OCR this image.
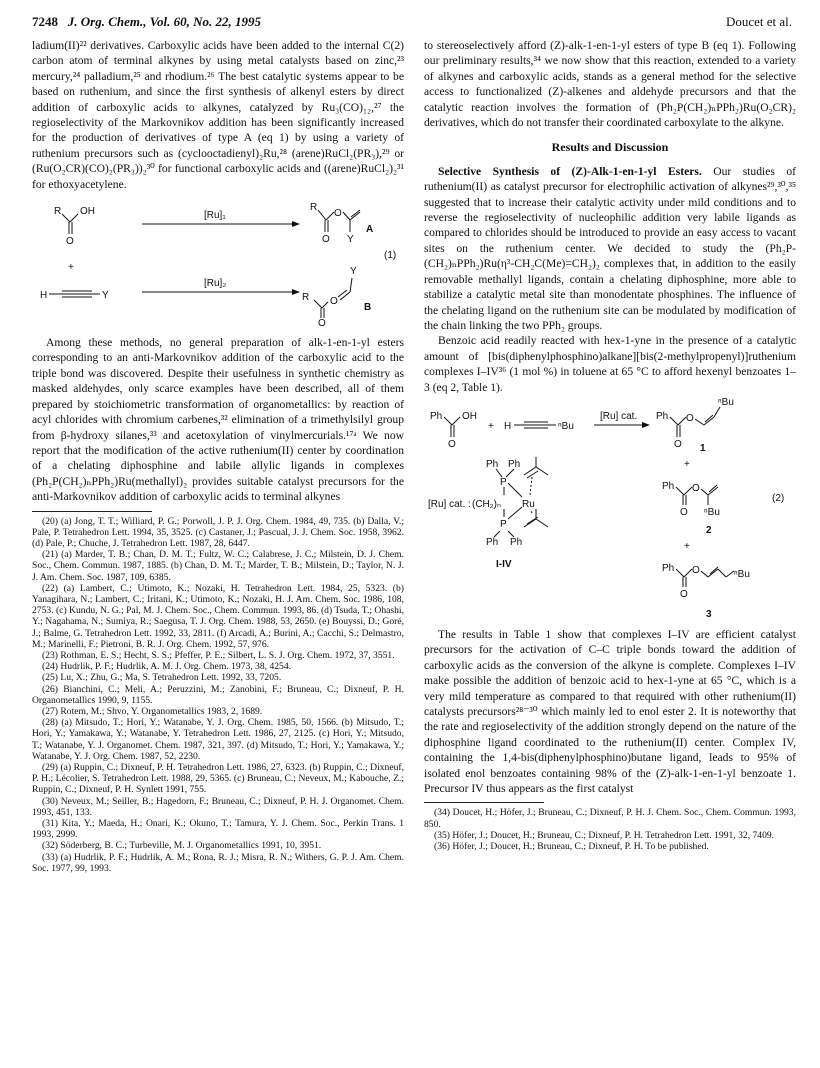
7248 J. Org. Chem., Vol. 60, No. 22, 1995	Doucet et al.

ladium(II)²² derivatives. Carboxylic acids have been added to the internal C(2) carbon atom of terminal alkynes by using metal catalysts based on zinc,²³ mercury,²⁴ palladium,²⁵ and rhodium.²⁶ The best catalytic systems appear to be based on ruthenium, and since the first synthesis of alkenyl esters by direct addition of carboxylic acids to alkynes, catalyzed by Ru₃(CO)₁₂,²⁷ the regioselectivity of the Markovnikov addition has been significantly increased for the production of derivatives of type A (eq 1) by using a variety of ruthenium precursors such as (cyclooctadienyl)₂Ru,²⁸ (arene)RuCl₂(PR₃),²⁹ or (Ru(O₂CR)(CO)₂(PR₃))₂³⁰ for functional carboxylic acids and ((arene)RuCl₂)₂³¹ for ethoxyacetylene.

R OH
O
+
H	Y
[Ru]₁
[Ru]₂
R
O
O Y
A
(1)
Y
O
R
O
B

Among these methods, no general preparation of alk-1-en-1-yl esters corresponding to an anti-Markovnikov addition of the carboxylic acid to the triple bond was discovered. Despite their usefulness in synthetic chemistry as masked aldehydes, only scarce examples have been described, all of them prepared by stoichiometric transformation of organometallics: by reaction of acyl chlorides with chromium carbenes,³² elimination of a trimethylsilyl group from β-hydroxy silanes,³³ and acetoxylation of vinylmercurials.¹⁷ᵃ We now report that the modification of the active ruthenium(II) center by coordination of a chelating diphosphine and labile allylic ligands in complexes (Ph₂P(CH₂)ₙPPh₂)Ru(methallyl)₂ provides suitable catalyst precursors for the anti-Markovnikov addition of carboxylic acids to terminal alkynes

(20) (a) Jong, T. T.; Williard, P. G.; Porwoll, J. P. J. Org. Chem. 1984, 49, 735. (b) Dalla, V.; Pale, P. Tetrahedron Lett. 1994, 35, 3525. (c) Castaner, J.; Pascual, J. J. Chem. Soc. 1958, 3962. (d) Pale, P.; Chuche, J. Tetrahedron Lett. 1987, 28, 6447.

(21) (a) Marder, T. B.; Chan, D. M. T.; Fultz, W. C.; Calabrese, J. C.; Milstein, D. J. Chem. Soc., Chem. Commun. 1987, 1885. (b) Chan, D. M. T.; Marder, T. B.; Milstein, D.; Taylor, N. J. J. Am. Chem. Soc. 1987, 109, 6385.

(22) (a) Lambert, C.; Utimoto, K.; Nozaki, H. Tetrahedron Lett. 1984, 25, 5323. (b) Yanagihara, N.; Lambert, C.; Iritani, K.; Utimoto, K.; Nozaki, H. J. Am. Chem. Soc. 1986, 108, 2753. (c) Kundu, N. G.; Pal, M. J. Chem. Soc., Chem. Commun. 1993, 86. (d) Tsuda, T.; Ohashi, Y.; Nagahama, N.; Sumiya, R.; Saegusa, T. J. Org. Chem. 1988, 53, 2650. (e) Bouyssi, D.; Goré, J.; Balme, G. Tetrahedron Lett. 1992, 33, 2811. (f) Arcadi, A.; Burini, A.; Cacchi, S.; Delmastro, M.; Marinelli, F.; Pietroni, B. R. J. Org. Chem. 1992, 57, 976.

(23) Rothman, E. S.; Hecht, S. S.; Pfeffer, P. E.; Silbert, L. S. J. Org. Chem. 1972, 37, 3551.

(24) Hudrlik, P. F.; Hudrlik, A. M. J. Org. Chem. 1973, 38, 4254.

(25) Lu, X.; Zhu, G.; Ma, S. Tetrahedron Lett. 1992, 33, 7205.

(26) Bianchini, C.; Meli, A.; Peruzzini, M.; Zanobini, F.; Bruneau, C.; Dixneuf, P. H. Organometallics 1990, 9, 1155.

(27) Rotem, M.; Shvo, Y. Organometallics 1983, 2, 1689.

(28) (a) Mitsudo, T.; Hori, Y.; Watanabe, Y. J. Org. Chem. 1985, 50, 1566. (b) Mitsudo, T.; Hori, Y.; Yamakawa, Y.; Watanabe, Y. Tetrahedron Lett. 1986, 27, 2125. (c) Hori, Y.; Mitsudo, T.; Watanabe, Y. J. Organomet. Chem. 1987, 321, 397. (d) Mitsudo, T.; Hori, Y.; Yamakawa, Y.; Watanabe, Y. J. Org. Chem. 1987, 52, 2230.

(29) (a) Ruppin, C.; Dixneuf, P. H. Tetrahedron Lett. 1986, 27, 6323. (b) Ruppin, C.; Dixneuf, P. H.; Lécolier, S. Tetrahedron Lett. 1988, 29, 5365. (c) Bruneau, C.; Neveux, M.; Kabouche, Z.; Ruppin, C.; Dixneuf, P. H. Synlett 1991, 755.

(30) Neveux, M.; Seiller, B.; Hagedorn, F.; Bruneau, C.; Dixneuf, P. H. J. Organomet. Chem. 1993, 451, 133.

(31) Kita, Y.; Maeda, H.; Onari, K.; Okuno, T.; Tamura, Y. J. Chem. Soc., Perkin Trans. 1 1993, 2999.

(32) Söderberg, B. C.; Turbeville, M. J. Organometallics 1991, 10, 3951.

(33) (a) Hudrlik, P. F.; Hudrlik, A. M.; Rona, R. J.; Misra, R. N.; Withers, G. P. J. Am. Chem. Soc. 1977, 99, 1993.

to stereoselectively afford (Z)-alk-1-en-1-yl esters of type B (eq 1). Following our preliminary results,³⁴ we now show that this reaction, extended to a variety of alkynes and carboxylic acids, stands as a general method for the selective access to functionalized (Z)-alkenes and aldehyde precursors and that the catalytic reaction involves the formation of (Ph₂P(CH₂)ₙPPh₂)Ru(O₂CR)₂ derivatives, which do not transfer their coordinated carboxylate to the alkyne.

Results and Discussion

Selective Synthesis of (Z)-Alk-1-en-1-yl Esters. Our studies of ruthenium(II) as catalyst precursor for electrophilic activation of alkynes²⁹,³⁰,³⁵ suggested that to increase their catalytic activity under mild conditions and to reverse the regioselectivity of nucleophilic addition very labile ligands as compared to chlorides should be introduced to provide an easy access to vacant sites on the ruthenium center. We decided to study the (Ph₂P-(CH₂)ₙPPh₂)Ru(η³-CH₂C(Me)=CH₂)₂ complexes that, in addition to the easily removable methallyl ligands, contain a chelating diphosphine, more able to stabilize a catalytic metal site than monodentate phosphines. The influence of the chelating ligand on the ruthenium site can be modulated by modification of the chain linking the two PPh₂ groups.

Benzoic acid readily reacted with hex-1-yne in the presence of a catalytic amount of [bis(diphenylphosphino)alkane][bis(2-methylpropenyl)]ruthenium complexes I–IV³⁶ (1 mol %) in toluene at 65 °C to afford hexenyl benzoates 1–3 (eq 2, Table 1).

Ph OH
O
+ H	ⁿBu
[Ru] cat. Ph O
ⁿBu
O 1
Ph Ph
P
[Ru] cat. : (CH₂)ₙ Ru
P
Ph Ph
I-IV
+
Ph O
ⁿBu
O
2
(2)
+
Ph O	ⁿBu
O
3

The results in Table 1 show that complexes I–IV are efficient catalyst precursors for the activation of C–C triple bonds toward the addition of carboxylic acids as the conversion of the alkyne is complete. Complexes I–IV make possible the addition of benzoic acid to hex-1-yne at 65 °C, which is a very mild temperature as compared to that required with other ruthenium(II) catalysts precursors²⁸⁻³⁰ which mainly led to enol ester 2. It is noteworthy that the rate and regioselectivity of the addition strongly depend on the nature of the diphosphine ligand coordinated to the ruthenium(II) center. Complex IV, containing the 1,4-bis(diphenylphosphino)butane ligand, leads to 95% of isolated enol benzoates containing 98% of the (Z)-alk-1-en-1-yl benzoate 1. Precursor IV thus appears as the first catalyst

(34) Doucet, H.; Höfer, J.; Bruneau, C.; Dixneuf, P. H. J. Chem. Soc., Chem. Commun. 1993, 850.

(35) Höfer, J.; Doucet, H.; Bruneau, C.; Dixneuf, P. H. Tetrahedron Lett. 1991, 32, 7409.

(36) Höfer, J.; Doucet, H.; Bruneau, C.; Dixneuf, P. H. To be published.
